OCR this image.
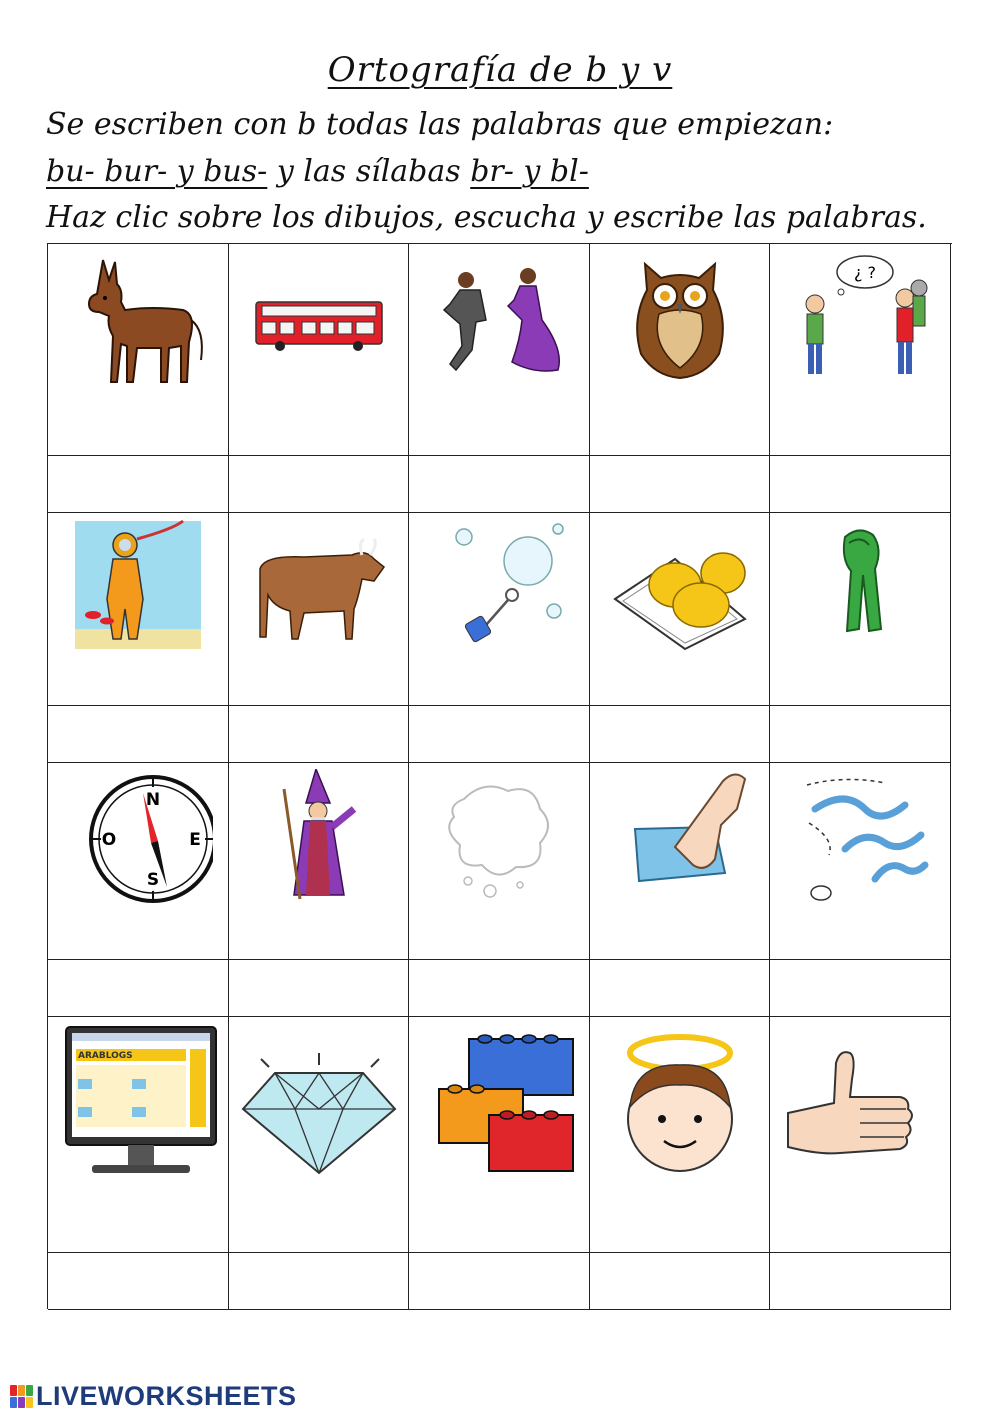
Ortografía de b y v
Se escriben con b todas las palabras que empiezan:
bu- bur- y bus- y las sílabas br- y bl-
Haz clic sobre los dibujos, escucha y escribe las palabras.
¿ ?
N
S
O	E
ARABLOGS
LIVEWORKSHEETS
